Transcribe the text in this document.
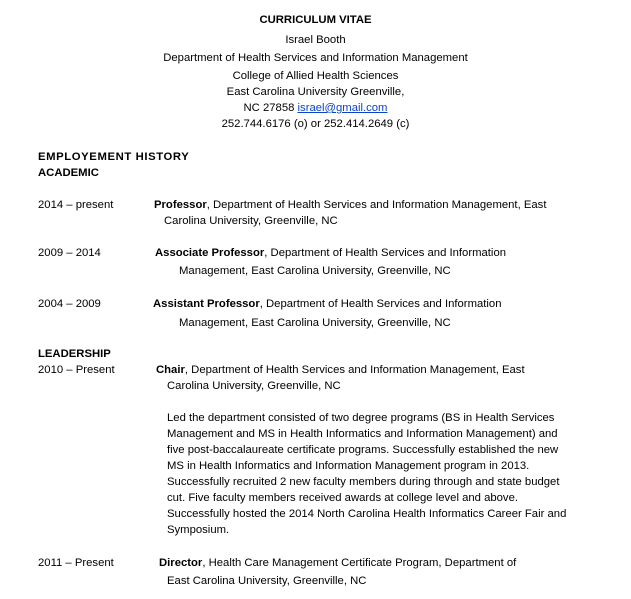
CURRICULUM VITAE
Israel Booth
Department of Health Services and Information Management
College of Allied Health Sciences
East Carolina University Greenville,
NC 27858 israel@gmail.com
252.744.6176 (o) or 252.414.2649 (c)
EMPLOYEMENT HISTORY
ACADEMIC
2014 – present	Professor, Department of Health Services and Information Management, East
Carolina University, Greenville, NC
2009 – 2014	Associate Professor, Department of Health Services and Information
Management, East Carolina University, Greenville, NC
2004 – 2009	Assistant Professor, Department of Health Services and Information
Management, East Carolina University, Greenville, NC
LEADERSHIP
2010 – Present	Chair, Department of Health Services and Information Management, East
Carolina University, Greenville, NC
Led the department consisted of two degree programs (BS in Health Services
Management and MS in Health Informatics and Information Management) and
five post-baccalaureate certificate programs. Successfully established the new
MS in Health Informatics and Information Management program in 2013.
Successfully recruited 2 new faculty members during through and state budget
cut. Five faculty members received awards at college level and above.
Successfully hosted the 2014 North Carolina Health Informatics Career Fair and
Symposium.
2011 – Present	Director, Health Care Management Certificate Program, Department of
East Carolina University, Greenville, NC
